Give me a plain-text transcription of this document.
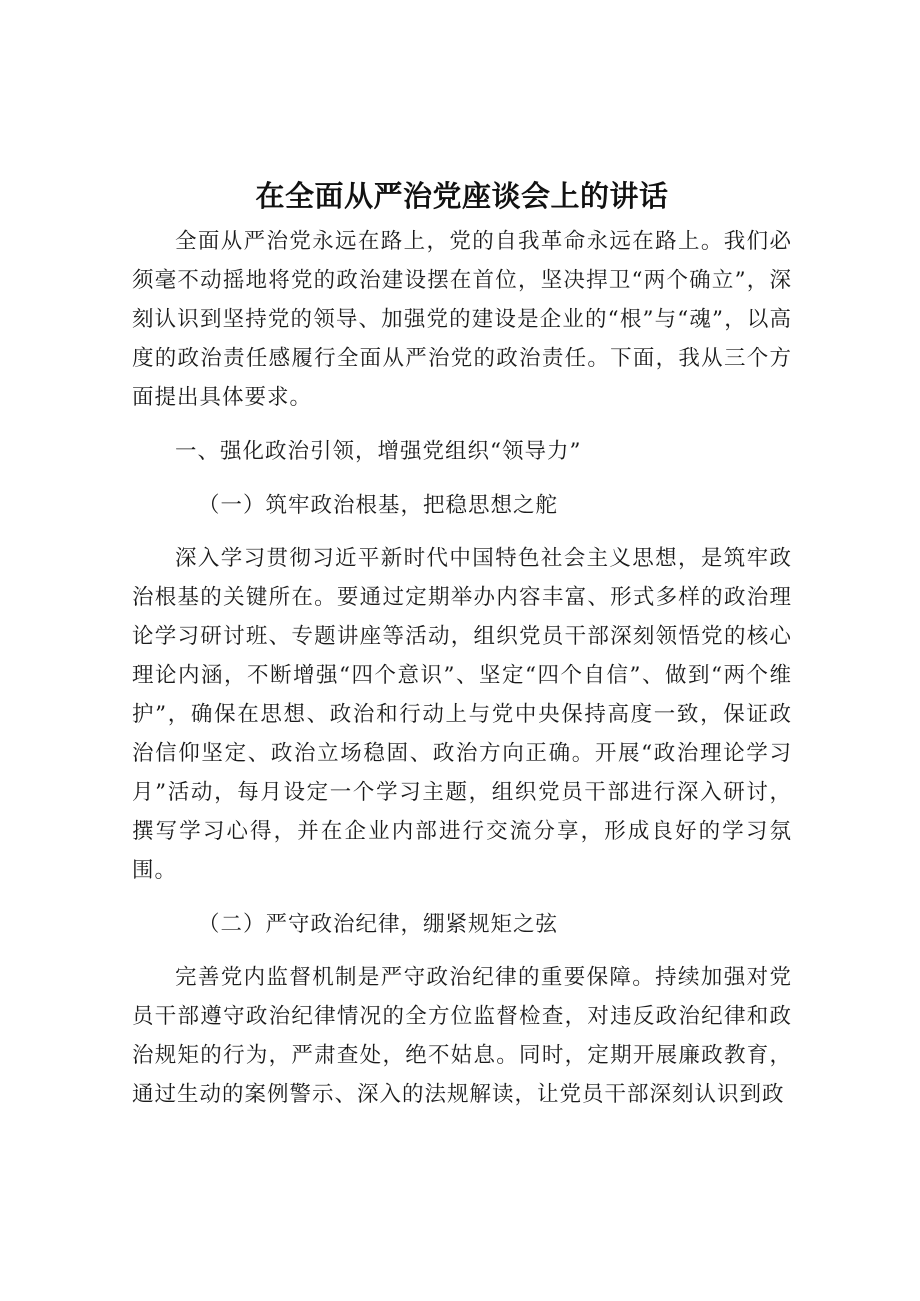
在全面从严治党座谈会上的讲话

全面从严治党永远在路上，党的自我革命永远在路上。我们必须毫不动摇地将党的政治建设摆在首位，坚决捍卫“两个确立”，深刻认识到坚持党的领导、加强党的建设是企业的“根”与“魂”，以高度的政治责任感履行全面从严治党的政治责任。下面，我从三个方面提出具体要求。

一、强化政治引领，增强党组织“领导力”

（一）筑牢政治根基，把稳思想之舵

深入学习贯彻习近平新时代中国特色社会主义思想，是筑牢政治根基的关键所在。要通过定期举办内容丰富、形式多样的政治理论学习研讨班、专题讲座等活动，组织党员干部深刻领悟党的核心理论内涵，不断增强“四个意识”、坚定“四个自信”、做到“两个维护”，确保在思想、政治和行动上与党中央保持高度一致，保证政治信仰坚定、政治立场稳固、政治方向正确。开展“政治理论学习月”活动，每月设定一个学习主题，组织党员干部进行深入研讨，撰写学习心得，并在企业内部进行交流分享，形成良好的学习氛围。

（二）严守政治纪律，绷紧规矩之弦

完善党内监督机制是严守政治纪律的重要保障。持续加强对党员干部遵守政治纪律情况的全方位监督检查，对违反政治纪律和政治规矩的行为，严肃查处，绝不姑息。同时，定期开展廉政教育，通过生动的案例警示、深入的法规解读，让党员干部深刻认识到政
